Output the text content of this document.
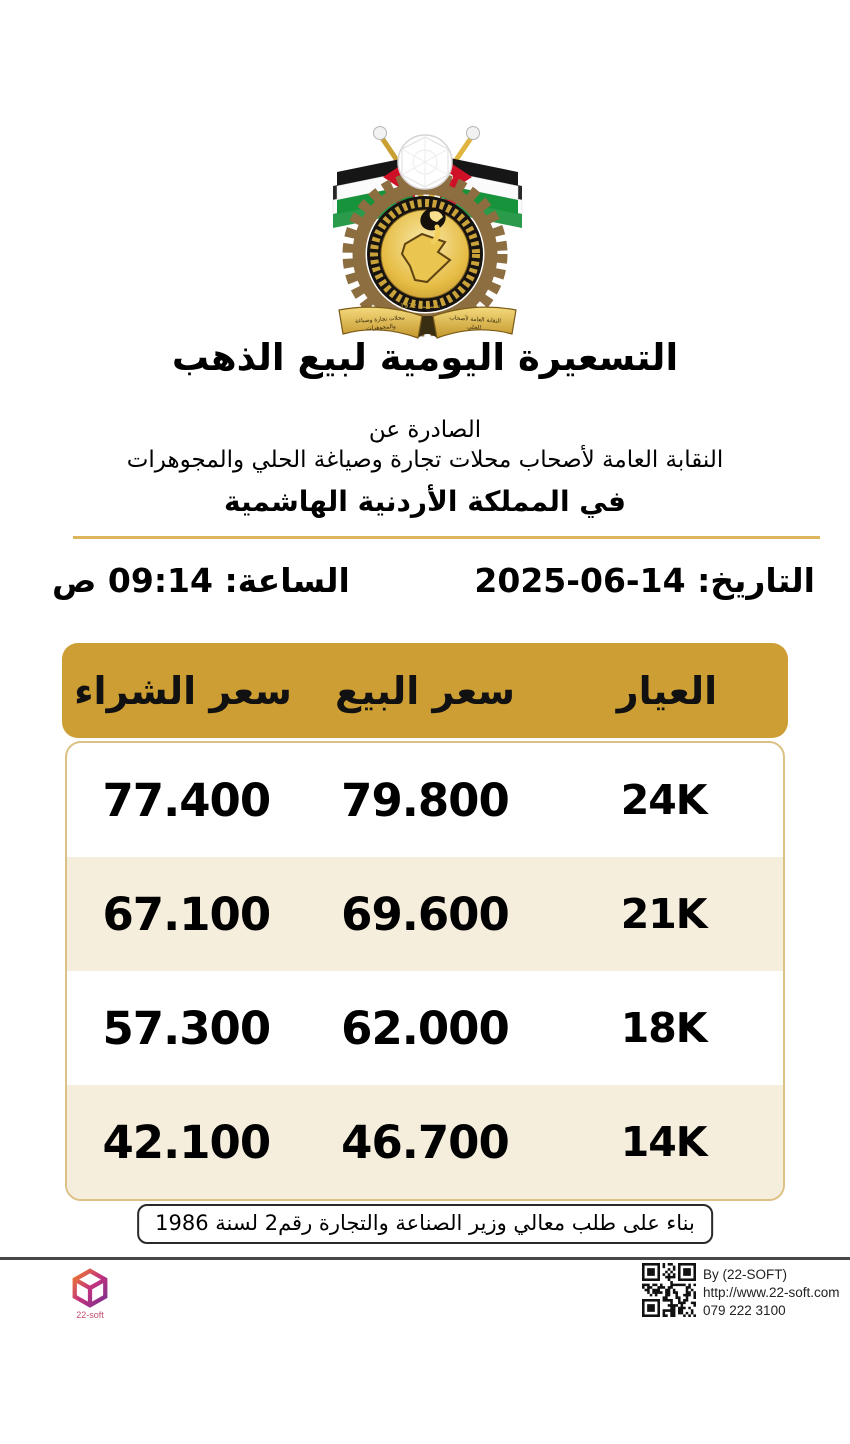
تأسست 1972
النقابة العامة لأصحاب
الحلي
محلات تجارة وصياغة
والمجوهرات
التسعيرة اليومية لبيع الذهب
الصادرة عن
النقابة العامة لأصحاب محلات تجارة وصياغة الحلي والمجوهرات
في المملكة الأردنية الهاشمية
التاريخ: 14-06-2025
الساعة: 09:14 ص
العيار
سعر البيع
سعر الشراء
24K
79.800
77.400
21K
69.600
67.100
18K
62.000
57.300
14K
46.700
42.100
بناء على طلب معالي وزير الصناعة والتجارة رقم2 لسنة 1986
22-soft
By (22-SOFT)
http://www.22-soft.com
079 222 3100
